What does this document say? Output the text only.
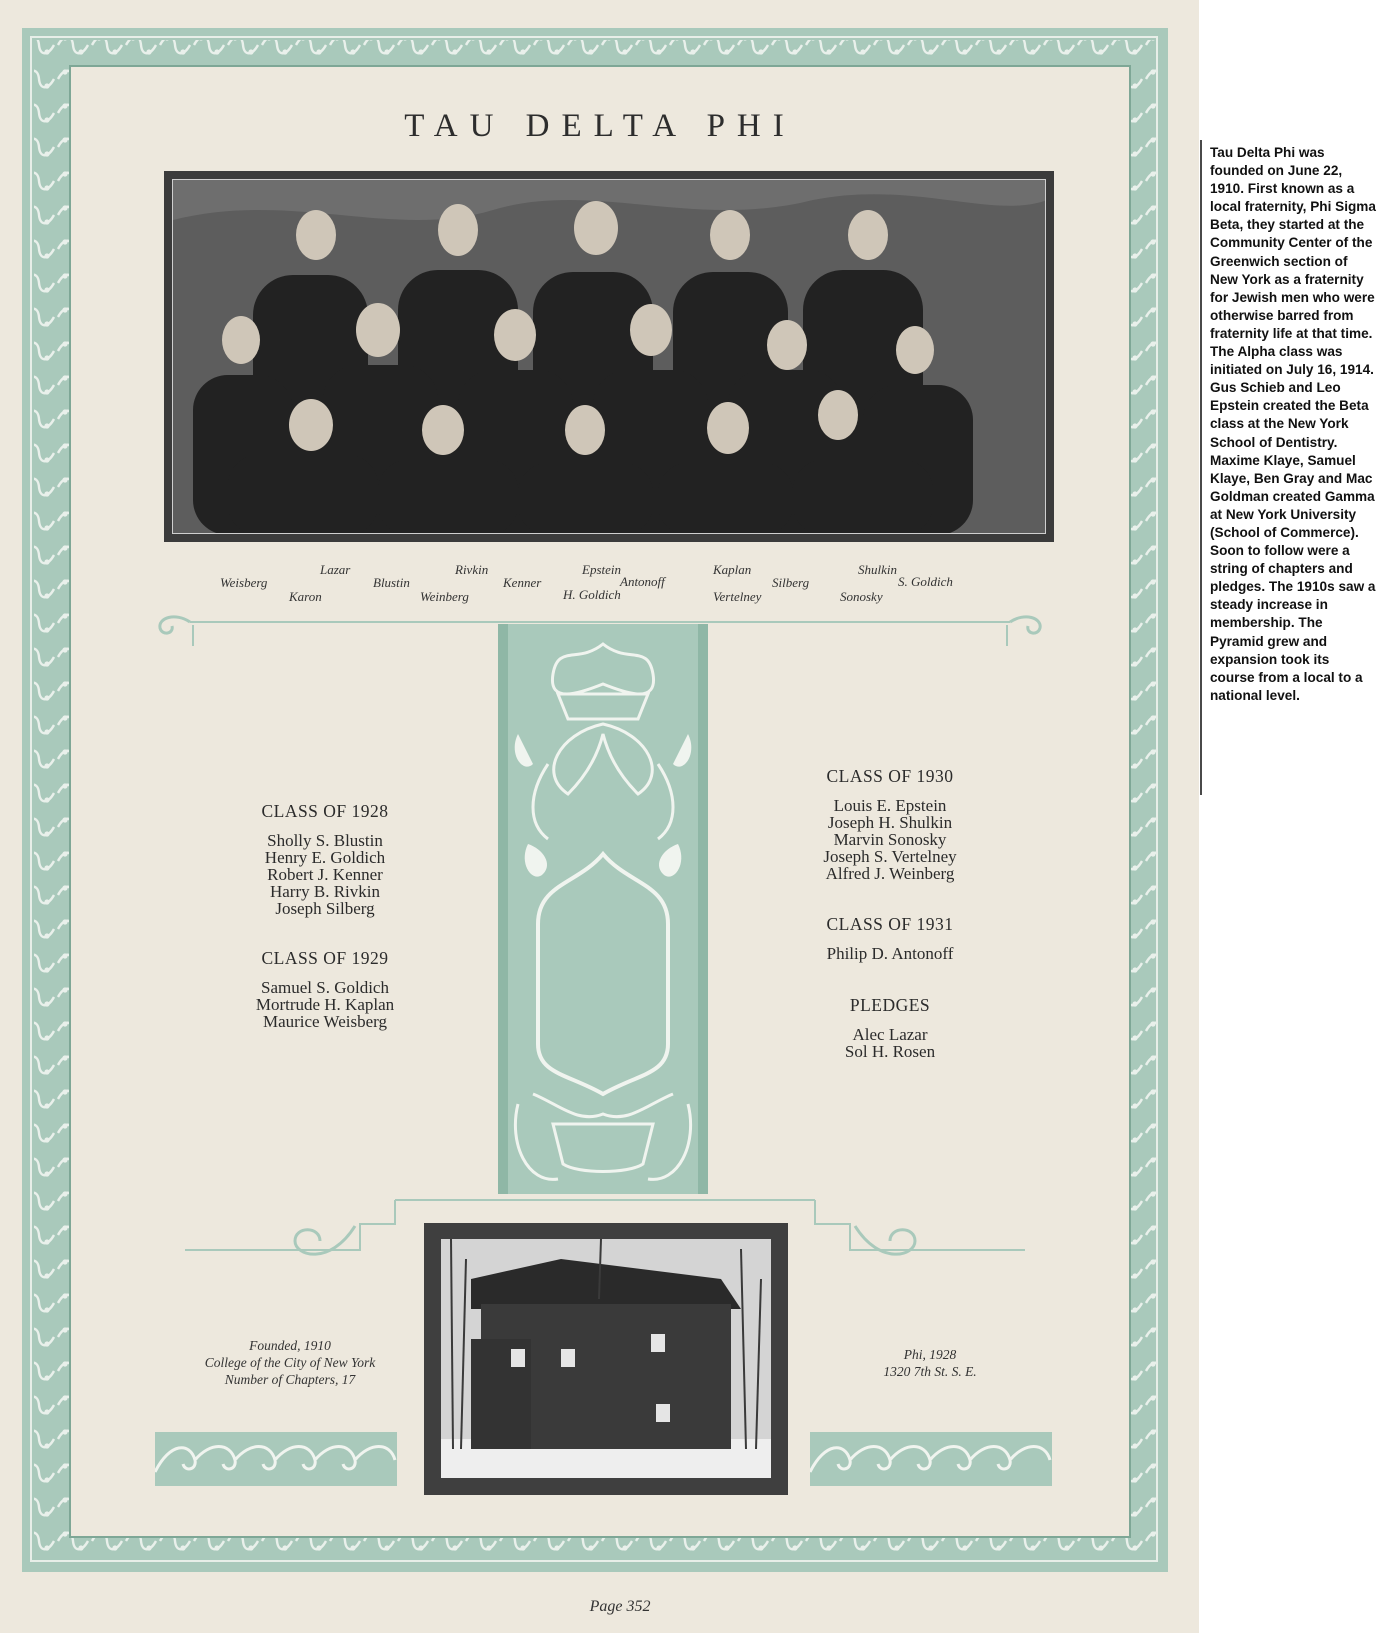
TAU DELTA PHI
Weisberg
Lazar
Karon
Blustin
Rivkin
Weinberg
Kenner
Epstein
Antonoff
H. Goldich
Kaplan
Vertelney
Silberg
Shulkin
Sonosky
S. Goldich
CLASS OF 1928
Sholly S. Blustin
Henry E. Goldich
Robert J. Kenner
Harry B. Rivkin
Joseph Silberg
CLASS OF 1929
Samuel S. Goldich
Mortrude H. Kaplan
Maurice Weisberg
CLASS OF 1930
Louis E. Epstein
Joseph H. Shulkin
Marvin Sonosky
Joseph S. Vertelney
Alfred J. Weinberg
CLASS OF 1931
Philip D. Antonoff
PLEDGES
Alec Lazar
Sol H. Rosen
Founded, 1910
College of the City of New York
Number of Chapters, 17
Phi, 1928
1320 7th St. S. E.
Page 352
Tau Delta Phi was founded on June 22, 1910. First known as a local fraternity, Phi Sigma Beta, they started at the Community Center of the Greenwich section of New York as a fraternity for Jewish men who were otherwise barred from fraternity life at that time. The Alpha class was initiated on July 16, 1914. Gus Schieb and Leo Epstein created the Beta class at the New York School of Dentistry. Maxime Klaye, Samuel Klaye, Ben Gray and Mac Goldman created Gamma at New York University (School of Commerce). Soon to follow were a string of chapters and pledges. The 1910s saw a steady increase in membership. The Pyramid grew and expansion took its course from a local to a national level.
